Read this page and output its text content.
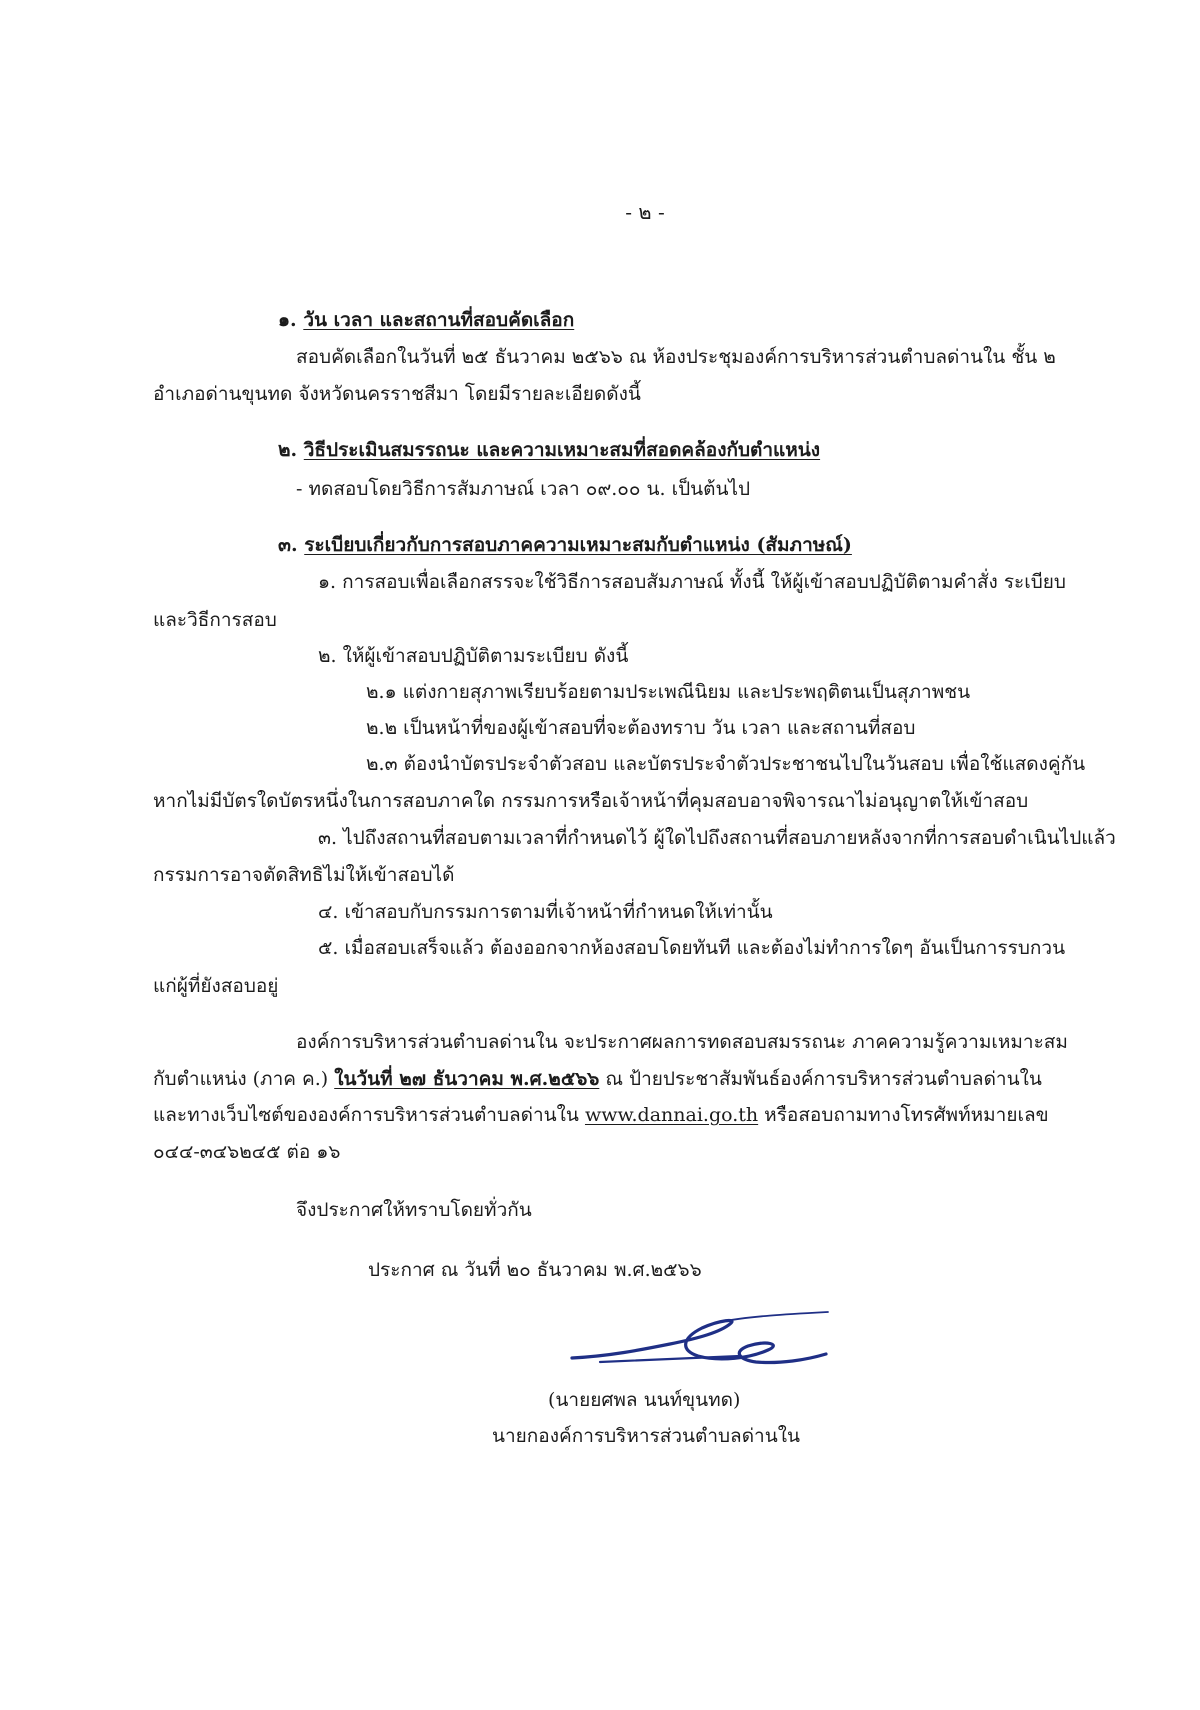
- ๒ -
๑. วัน เวลา และสถานที่สอบคัดเลือก
สอบคัดเลือกในวันที่ ๒๕ ธันวาคม ๒๕๖๖ ณ ห้องประชุมองค์การบริหารส่วนตำบลด่านใน ชั้น ๒
อำเภอด่านขุนทด จังหวัดนครราชสีมา โดยมีรายละเอียดดังนี้
๒. วิธีประเมินสมรรถนะ และความเหมาะสมที่สอดคล้องกับตำแหน่ง
- ทดสอบโดยวิธีการสัมภาษณ์ เวลา ๐๙.๐๐ น. เป็นต้นไป
๓. ระเบียบเกี่ยวกับการสอบภาคความเหมาะสมกับตำแหน่ง (สัมภาษณ์)
๑. การสอบเพื่อเลือกสรรจะใช้วิธีการสอบสัมภาษณ์ ทั้งนี้ ให้ผู้เข้าสอบปฏิบัติตามคำสั่ง ระเบียบ
และวิธีการสอบ
๒. ให้ผู้เข้าสอบปฏิบัติตามระเบียบ ดังนี้
๒.๑ แต่งกายสุภาพเรียบร้อยตามประเพณีนิยม และประพฤติตนเป็นสุภาพชน
๒.๒ เป็นหน้าที่ของผู้เข้าสอบที่จะต้องทราบ วัน เวลา และสถานที่สอบ
๒.๓ ต้องนำบัตรประจำตัวสอบ และบัตรประจำตัวประชาชนไปในวันสอบ เพื่อใช้แสดงคู่กัน
หากไม่มีบัตรใดบัตรหนึ่งในการสอบภาคใด กรรมการหรือเจ้าหน้าที่คุมสอบอาจพิจารณาไม่อนุญาตให้เข้าสอบ
๓. ไปถึงสถานที่สอบตามเวลาที่กำหนดไว้ ผู้ใดไปถึงสถานที่สอบภายหลังจากที่การสอบดำเนินไปแล้ว
กรรมการอาจตัดสิทธิไม่ให้เข้าสอบได้
๔. เข้าสอบกับกรรมการตามที่เจ้าหน้าที่กำหนดให้เท่านั้น
๕. เมื่อสอบเสร็จแล้ว ต้องออกจากห้องสอบโดยทันที และต้องไม่ทำการใดๆ อันเป็นการรบกวน
แก่ผู้ที่ยังสอบอยู่
องค์การบริหารส่วนตำบลด่านใน จะประกาศผลการทดสอบสมรรถนะ ภาคความรู้ความเหมาะสม
กับตำแหน่ง (ภาค ค.) ในวันที่ ๒๗ ธันวาคม พ.ศ.๒๕๖๖ ณ ป้ายประชาสัมพันธ์องค์การบริหารส่วนตำบลด่านใน
และทางเว็บไซต์ขององค์การบริหารส่วนตำบลด่านใน www.dannai.go.th หรือสอบถามทางโทรศัพท์หมายเลข
๐๔๔-๓๔๖๒๔๕ ต่อ ๑๖
จึงประกาศให้ทราบโดยทั่วกัน
ประกาศ ณ วันที่ ๒๐ ธันวาคม พ.ศ.๒๕๖๖
(นายยศพล นนท์ขุนทด)
นายกองค์การบริหารส่วนตำบลด่านใน
